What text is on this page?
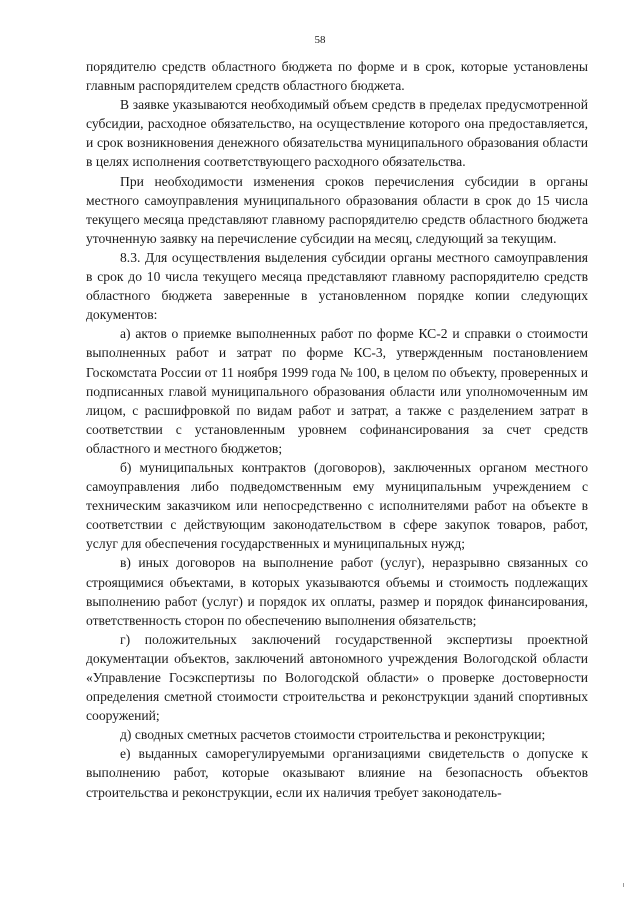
58

порядителю средств областного бюджета по форме и в срок, которые установлены главным распорядителем средств областного бюджета.

В заявке указываются необходимый объем средств в пределах предусмотренной субсидии, расходное обязательство, на осуществление которого она предоставляется, и срок возникновения денежного обязательства муниципального образования области в целях исполнения соответствующего расходного обязательства.

При необходимости изменения сроков перечисления субсидии в органы местного самоуправления муниципального образования области в срок до 15 числа текущего месяца представляют главному распорядителю средств областного бюджета уточненную заявку на перечисление субсидии на месяц, следующий за текущим.

8.3. Для осуществления выделения субсидии органы местного самоуправления в срок до 10 числа текущего месяца представляют главному распорядителю средств областного бюджета заверенные в установленном порядке копии следующих документов:

а) актов о приемке выполненных работ по форме КС-2 и справки о стоимости выполненных работ и затрат по форме КС-3, утвержденным постановлением Госкомстата России от 11 ноября 1999 года № 100, в целом по объекту, проверенных и подписанных главой муниципального образования области или уполномоченным им лицом, с расшифровкой по видам работ и затрат, а также с разделением затрат в соответствии с установленным уровнем софинансирования за счет средств областного и местного бюджетов;

б) муниципальных контрактов (договоров), заключенных органом местного самоуправления либо подведомственным ему муниципальным учреждением с техническим заказчиком или непосредственно с исполнителями работ на объекте в соответствии с действующим законодательством в сфере закупок товаров, работ, услуг для обеспечения государственных и муниципальных нужд;

в) иных договоров на выполнение работ (услуг), неразрывно связанных со строящимися объектами, в которых указываются объемы и стоимость подлежащих выполнению работ (услуг) и порядок их оплаты, размер и порядок финансирования, ответственность сторон по обеспечению выполнения обязательств;

г) положительных заключений государственной экспертизы проектной документации объектов, заключений автономного учреждения Вологодской области «Управление Госэкспертизы по Вологодской области» о проверке достоверности определения сметной стоимости строительства и реконструкции зданий спортивных сооружений;

д) сводных сметных расчетов стоимости строительства и реконструкции;

е) выданных саморегулируемыми организациями свидетельств о допуске к выполнению работ, которые оказывают влияние на безопасность объектов строительства и реконструкции, если их наличия требует законодатель-
